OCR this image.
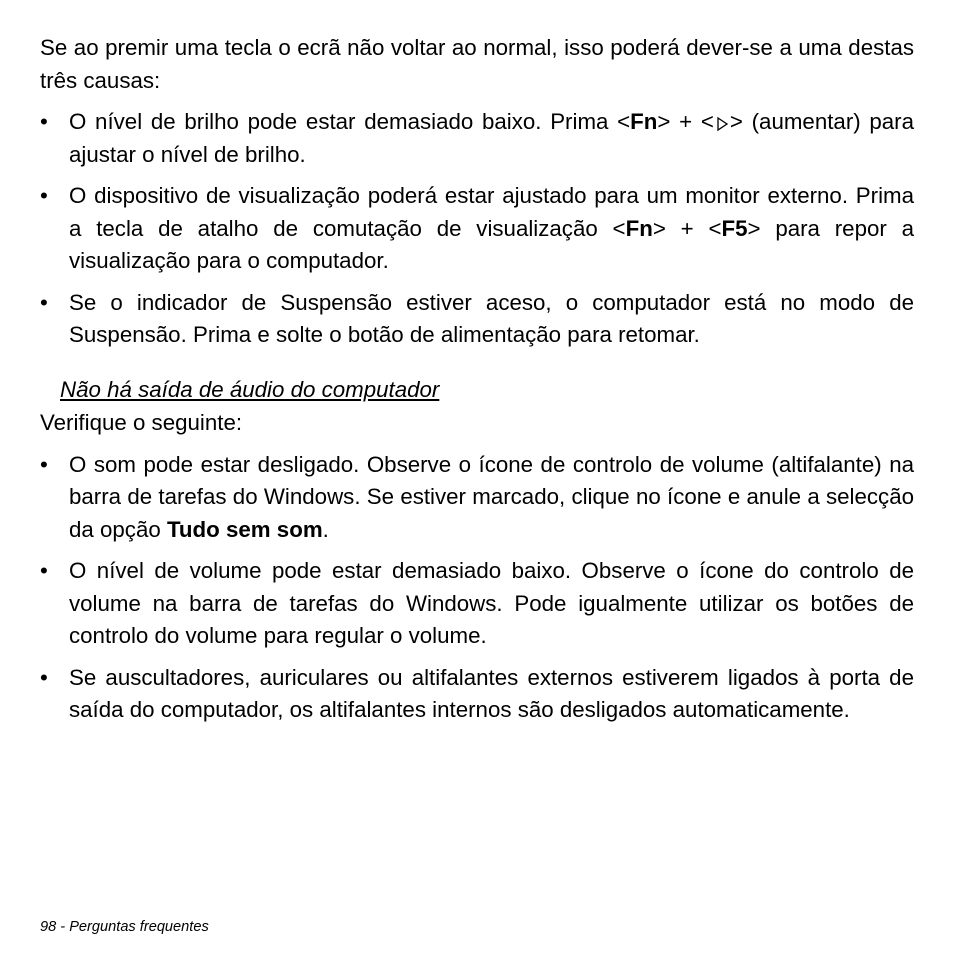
Se ao premir uma tecla o ecrã não voltar ao normal, isso poderá dever-se a uma destas três causas:

• O nível de brilho pode estar demasiado baixo. Prima <Fn> + < > (aumentar) para ajustar o nível de brilho.
• O dispositivo de visualização poderá estar ajustado para um monitor externo. Prima a tecla de atalho de comutação de visualização <Fn> + <F5> para repor a visualização para o computador.
• Se o indicador de Suspensão estiver aceso, o computador está no modo de Suspensão. Prima e solte o botão de alimentação para retomar.

Não há saída de áudio do computador

Verifique o seguinte:

• O som pode estar desligado. Observe o ícone de controlo de volume (altifalante) na barra de tarefas do Windows. Se estiver marcado, clique no ícone e anule a selecção da opção Tudo sem som.
• O nível de volume pode estar demasiado baixo. Observe o ícone do controlo de volume na barra de tarefas do Windows. Pode igualmente utilizar os botões de controlo do volume para regular o volume.
• Se auscultadores, auriculares ou altifalantes externos estiverem ligados à porta de saída do computador, os altifalantes internos são desligados automaticamente.
98 - Perguntas frequentes
